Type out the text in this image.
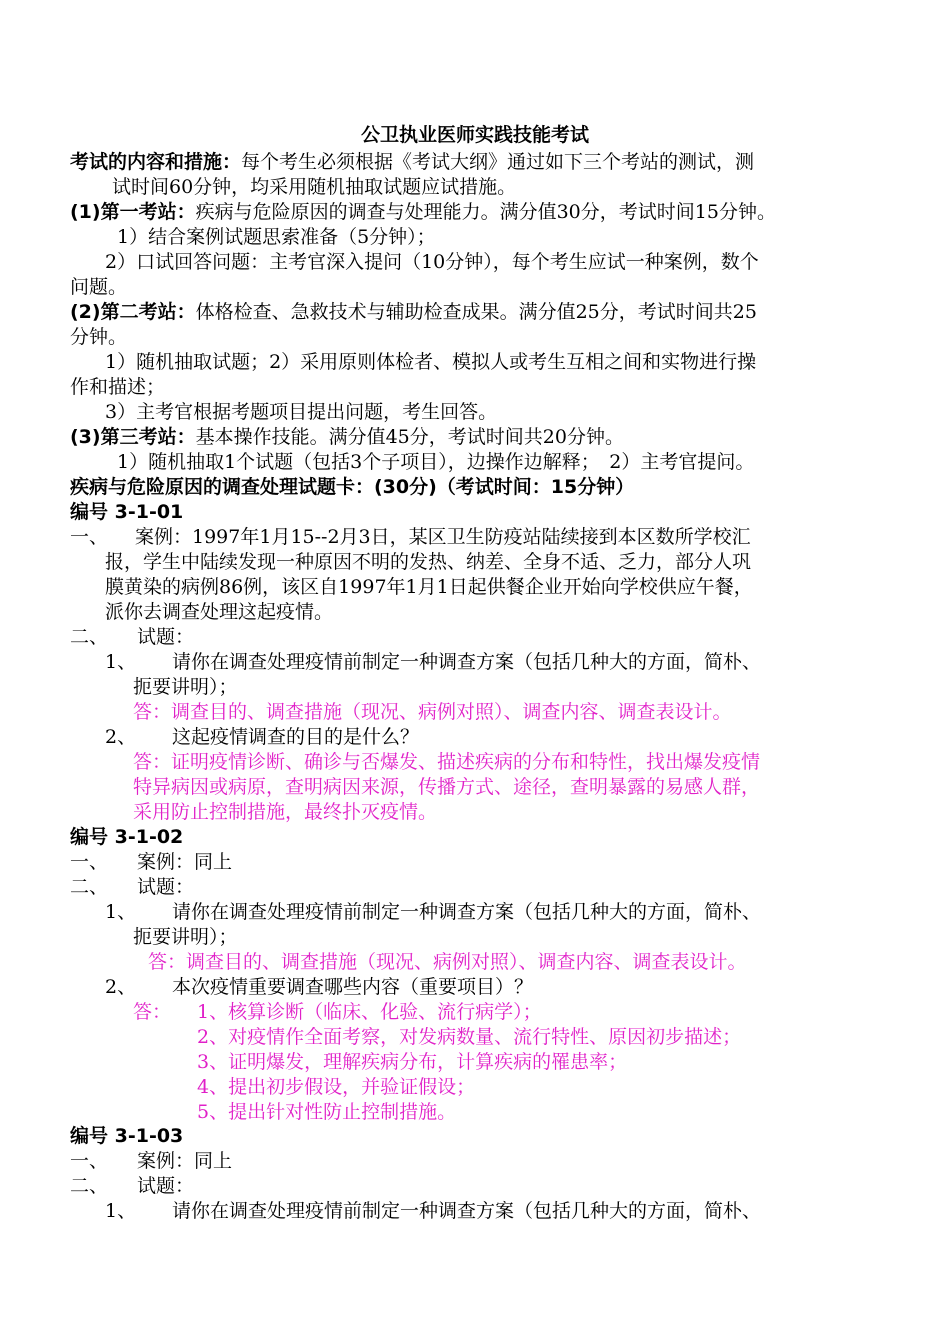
公卫执业医师实践技能考试
考试的内容和措施：每个考生必须根据《考试大纲》通过如下三个考站的测试，测
试时间60分钟，均采用随机抽取试题应试措施。
(1)第一考站：疾病与危险原因的调查与处理能力。满分值30分，考试时间15分钟。
1）结合案例试题思索准备（5分钟）；
2）口试回答问题：主考官深入提问（10分钟），每个考生应试一种案例，数个
问题。
(2)第二考站：体格检查、急救技术与辅助检查成果。满分值25分，考试时间共25
分钟。
1）随机抽取试题；2）采用原则体检者、模拟人或考生互相之间和实物进行操
作和描述；
3）主考官根据考题项目提出问题，考生回答。
(3)第三考站：基本操作技能。满分值45分，考试时间共20分钟。
1）随机抽取1个试题（包括3个子项目），边操作边解释；　2）主考官提问。
疾病与危险原因的调查处理试题卡：(30分)（考试时间：15分钟）
编号 3-1-01
一、 案例：1997年1月15--2月3日，某区卫生防疫站陆续接到本区数所学校汇
报，学生中陆续发现一种原因不明的发热、纳差、全身不适、乏力，部分人巩
膜黄染的病例86例，该区自1997年1月1日起供餐企业开始向学校供应午餐，
派你去调查处理这起疫情。
二、 试题：
1、 请你在调查处理疫情前制定一种调查方案（包括几种大的方面，简朴、
扼要讲明）；
答：调查目的、调查措施（现况、病例对照）、调查内容、调查表设计。
2、 这起疫情调查的目的是什么？
答：证明疫情诊断、确诊与否爆发、描述疾病的分布和特性，找出爆发疫情
特异病因或病原，查明病因来源，传播方式、途径，查明暴露的易感人群，
采用防止控制措施，最终扑灭疫情。
编号 3-1-02
一、 案例：同上
二、 试题：
1、 请你在调查处理疫情前制定一种调查方案（包括几种大的方面，简朴、
扼要讲明）；
答：调查目的、调查措施（现况、病例对照）、调查内容、调查表设计。
2、 本次疫情重要调查哪些内容（重要项目）？
答： 1、核算诊断（临床、化验、流行病学）；
2、对疫情作全面考察，对发病数量、流行特性、原因初步描述；
3、证明爆发，理解疾病分布，计算疾病的罹患率；
4、提出初步假设，并验证假设；
5、提出针对性防止控制措施。
编号 3-1-03
一、 案例：同上
二、 试题：
1、 请你在调查处理疫情前制定一种调查方案（包括几种大的方面，简朴、
